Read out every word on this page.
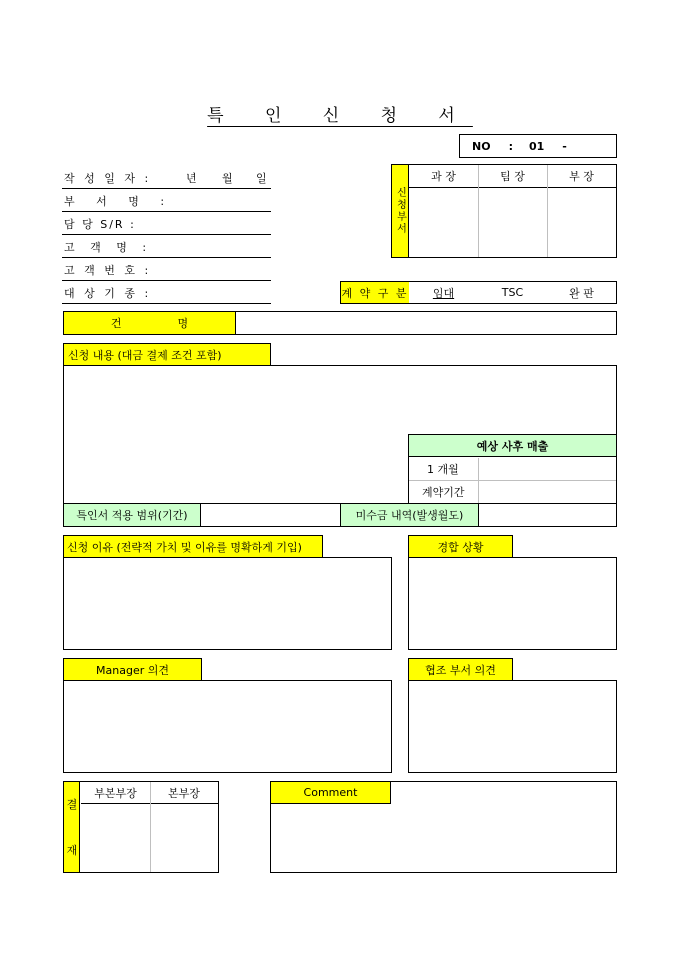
특 인 신 청 서
NO : 01 -
작 성 일 자 :	년	월	일
부 서 명 :
담 당 S/R :
고 객 명 :
고 객 번 호 :
대 상 기 종 :
신청부서
과 장	팀 장	부 장
계 약 구 분 임대	TSC	완 판
건                명
신청 내용 (대금 결제 조건 포함)
예상 사후 매출
1 개월
계약기간
특인서 적용 범위(기간)	미수금 내역(발생월도)
신청 이유 (전략적 가치 및 이유를 명확하게 기입)	경합 상황
Manager 의견	협조 부서 의견
결
재
부본부장	본부장	Comment
